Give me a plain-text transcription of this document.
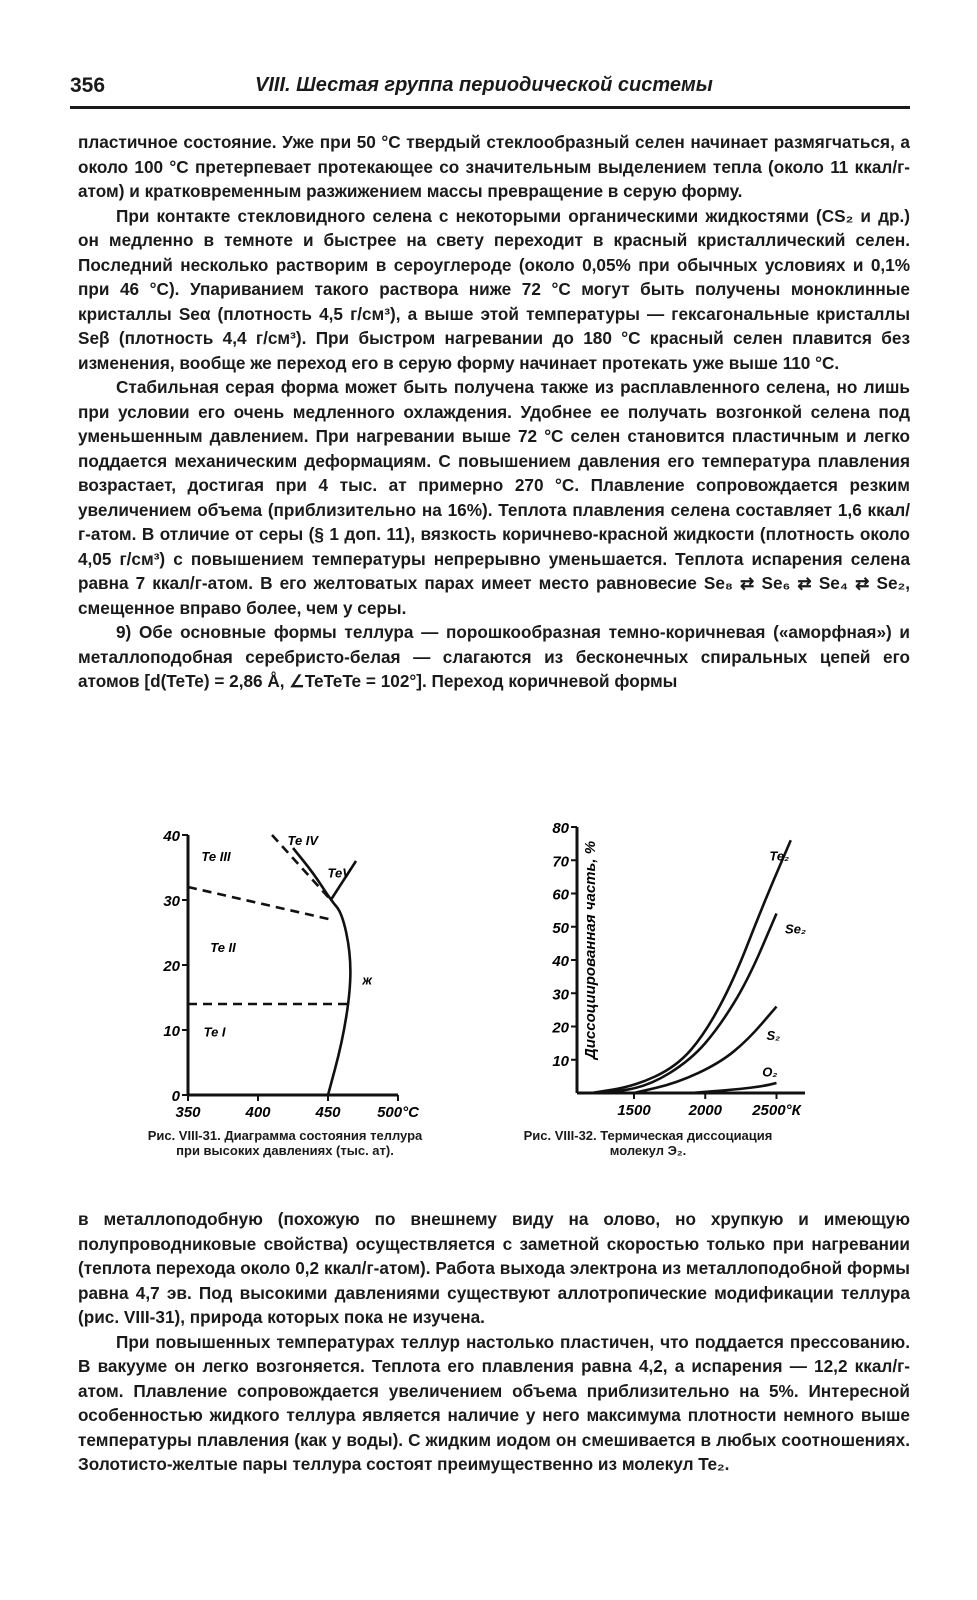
356	VIII. Шестая группа периодической системы

пластичное состояние. Уже при 50 °C твердый стеклообразный селен начинает размягчаться, а около 100 °C претерпевает протекающее со значительным выделением тепла (около 11 ккал/г-атом) и кратковременным разжижением массы превращение в серую форму.

При контакте стекловидного селена с некоторыми органическими жидкостями (CS₂ и др.) он медленно в темноте и быстрее на свету переходит в красный кристаллический селен. Последний несколько растворим в сероуглероде (около 0,05% при обычных условиях и 0,1% при 46 °C). Упариванием такого раствора ниже 72 °C могут быть получены моноклинные кристаллы Seα (плотность 4,5 г/см³), а выше этой температуры — гексагональные кристаллы Seβ (плотность 4,4 г/см³). При быстром нагревании до 180 °C красный селен плавится без изменения, вообще же переход его в серую форму начинает протекать уже выше 110 °C.

Стабильная серая форма может быть получена также из расплавленного селена, но лишь при условии его очень медленного охлаждения. Удобнее ее получать возгонкой селена под уменьшенным давлением. При нагревании выше 72 °C селен становится пластичным и легко поддается механическим деформациям. С повышением давления его температура плавления возрастает, достигая при 4 тыс. ат примерно 270 °C. Плавление сопровождается резким увеличением объема (приблизительно на 16%). Теплота плавления селена составляет 1,6 ккал/г-атом. В отличие от серы (§ 1 доп. 11), вязкость коричнево-красной жидкости (плотность около 4,05 г/см³) с повышением температуры непрерывно уменьшается. Теплота испарения селена равна 7 ккал/г-атом. В его желтоватых парах имеет место равновесие Se₈ ⇄ Se₆ ⇄ Se₄ ⇄ Se₂, смещенное вправо более, чем у серы.

9) Обе основные формы теллура — порошкообразная темно-коричневая («аморфная») и металлоподобная серебристо-белая — слагаются из бесконечных спиральных цепей его атомов [d(TeTe) = 2,86 Å, ∠TeTeTe = 102°]. Переход коричневой формы

350	400	450 500°C
0
10
20
30
40
Te III
Te IV
TeV
Te II
Te I
ж
1500	2000 2500°К
10
20
30
40
50
60
70
80
Диссоциированная часть, %	Te₂
Se₂
S₂
O₂
Рис. VIII-31. Диаграмма состояния теллура при высоких давлениях (тыс. ат).
Рис. VIII-32. Термическая диссоциация молекул Э₂.

в металлоподобную (похожую по внешнему виду на олово, но хрупкую и имеющую полупроводниковые свойства) осуществляется с заметной скоростью только при нагревании (теплота перехода около 0,2 ккал/г-атом). Работа выхода электрона из металлоподобной формы равна 4,7 эв. Под высокими давлениями существуют аллотропические модификации теллура (рис. VIII-31), природа которых пока не изучена.

При повышенных температурах теллур настолько пластичен, что поддается прессованию. В вакууме он легко возгоняется. Теплота его плавления равна 4,2, а испарения — 12,2 ккал/г-атом. Плавление сопровождается увеличением объема приблизительно на 5%. Интересной особенностью жидкого теллура является наличие у него максимума плотности немного выше температуры плавления (как у воды). С жидким иодом он смешивается в любых соотношениях. Золотисто-желтые пары теллура состоят преимущественно из молекул Te₂.
